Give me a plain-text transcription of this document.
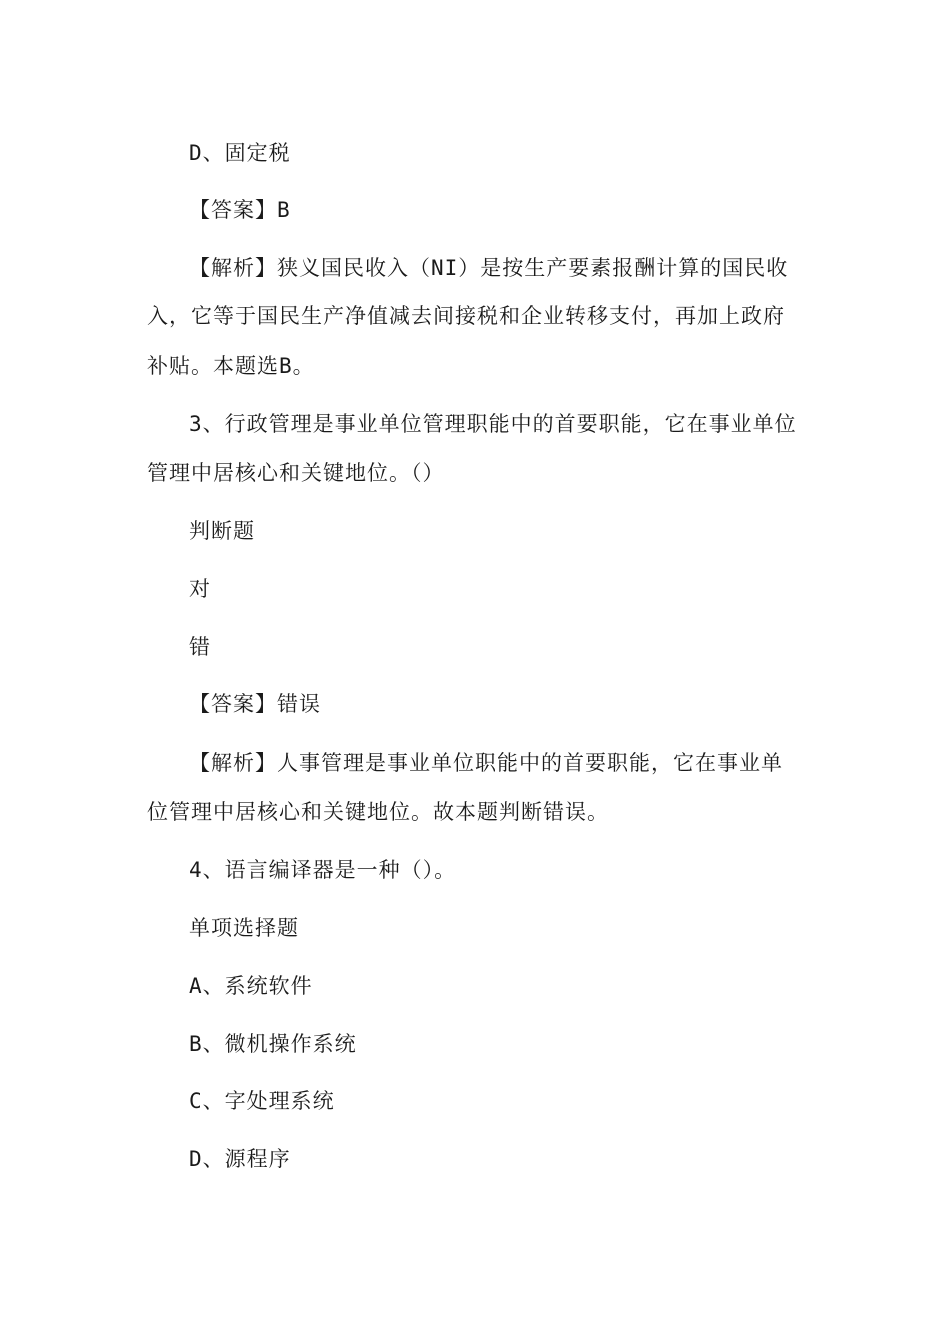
D、固定税
【答案】B
【解析】狭义国民收入（NI）是按生产要素报酬计算的国民收
入，它等于国民生产净值减去间接税和企业转移支付，再加上政府
补贴。本题选B。
3、行政管理是事业单位管理职能中的首要职能，它在事业单位
管理中居核心和关键地位。（）
判断题
对
错
【答案】错误
【解析】人事管理是事业单位职能中的首要职能，它在事业单
位管理中居核心和关键地位。故本题判断错误。
4、语言编译器是一种（）。
单项选择题
A、系统软件
B、微机操作系统
C、字处理系统
D、源程序
